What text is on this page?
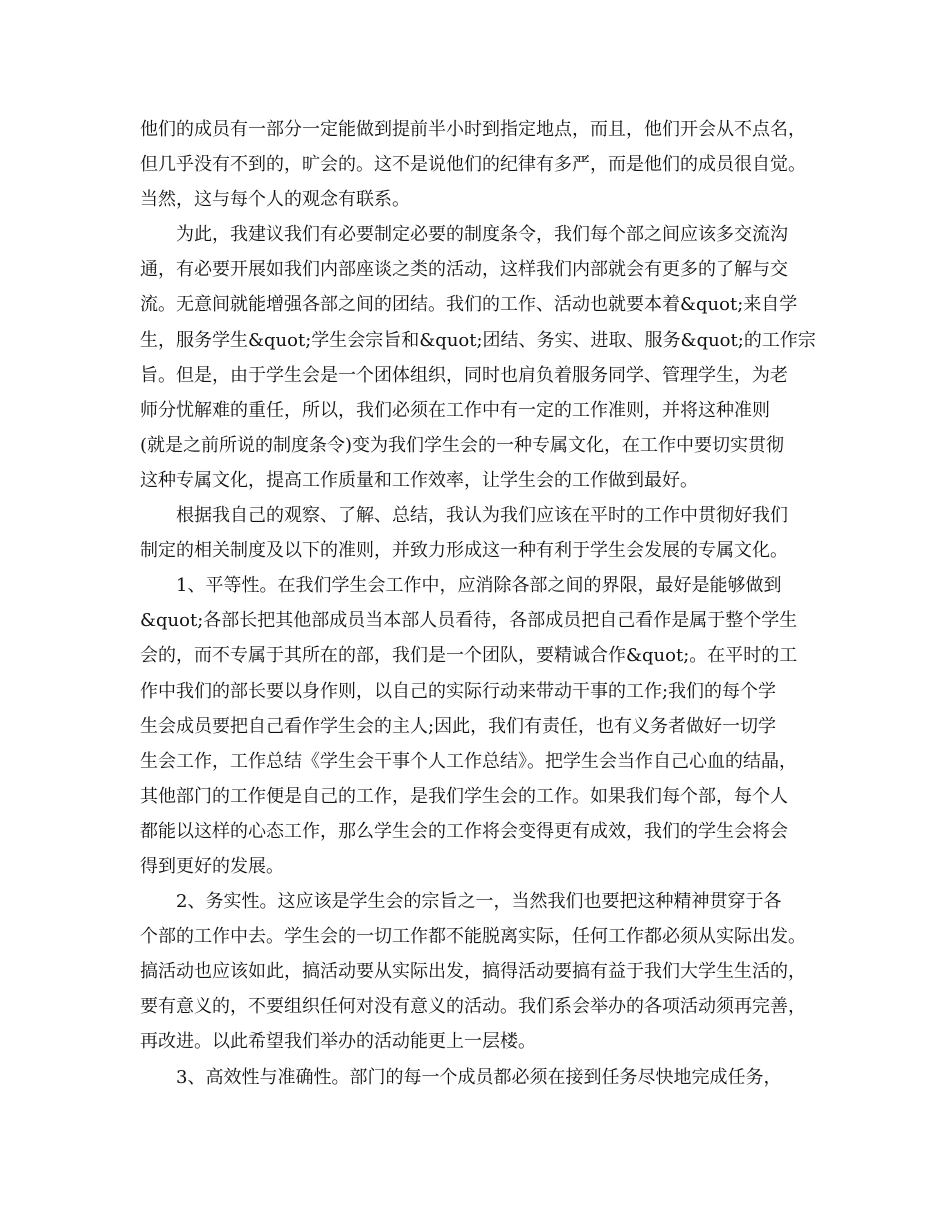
他们的成员有一部分一定能做到提前半小时到指定地点，而且，他们开会从不点名，
但几乎没有不到的，旷会的。这不是说他们的纪律有多严，而是他们的成员很自觉。
当然，这与每个人的观念有联系。
为此，我建议我们有必要制定必要的制度条令，我们每个部之间应该多交流沟
通，有必要开展如我们内部座谈之类的活动，这样我们内部就会有更多的了解与交
流。无意间就能增强各部之间的团结。我们的工作、活动也就要本着&quot;来自学
生，服务学生&quot;学生会宗旨和&quot;团结、务实、进取、服务&quot;的工作宗
旨。但是，由于学生会是一个团体组织，同时也肩负着服务同学、管理学生，为老
师分忧解难的重任，所以，我们必须在工作中有一定的工作准则，并将这种准则
(就是之前所说的制度条令)变为我们学生会的一种专属文化，在工作中要切实贯彻
这种专属文化，提高工作质量和工作效率，让学生会的工作做到最好。
根据我自己的观察、了解、总结，我认为我们应该在平时的工作中贯彻好我们
制定的相关制度及以下的准则，并致力形成这一种有利于学生会发展的专属文化。
1、平等性。在我们学生会工作中，应消除各部之间的界限，最好是能够做到
&quot;各部长把其他部成员当本部人员看待，各部成员把自己看作是属于整个学生
会的，而不专属于其所在的部，我们是一个团队，要精诚合作&quot;。在平时的工
作中我们的部长要以身作则，以自己的实际行动来带动干事的工作;我们的每个学
生会成员要把自己看作学生会的主人;因此，我们有责任，也有义务者做好一切学
生会工作，工作总结《学生会干事个人工作总结》。把学生会当作自己心血的结晶，
其他部门的工作便是自己的工作，是我们学生会的工作。如果我们每个部，每个人
都能以这样的心态工作，那么学生会的工作将会变得更有成效，我们的学生会将会
得到更好的发展。
2、务实性。这应该是学生会的宗旨之一，当然我们也要把这种精神贯穿于各
个部的工作中去。学生会的一切工作都不能脱离实际，任何工作都必须从实际出发。
搞活动也应该如此，搞活动要从实际出发，搞得活动要搞有益于我们大学生生活的，
要有意义的，不要组织任何对没有意义的活动。我们系会举办的各项活动须再完善，
再改进。以此希望我们举办的活动能更上一层楼。
3、高效性与准确性。部门的每一个成员都必须在接到任务尽快地完成任务，
